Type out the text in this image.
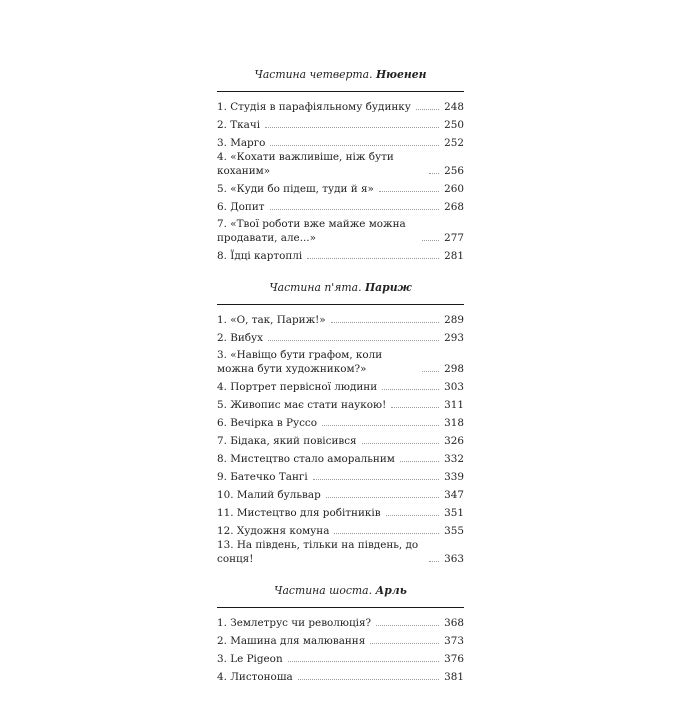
Частина четверта. Нюенен
1. Студія в парафіяльному будинку	248
2. Ткачі	250
3. Марго	252
4. «Кохати важливіше, ніж бути коханим»	256
5. «Куди бо підеш, туди й я»	260
6. Допит	268
7. «Твої роботи вже майже можна продавати, але...»	277
8. Їдці картоплі	281
Частина п'ята. Париж
1. «О, так, Париж!»	289
2. Вибух	293
3. «Навіщо бути графом, коли можна бути художником?»	298
4. Портрет первісної людини	303
5. Живопис має стати наукою!	311
6. Вечірка в Руссо	318
7. Бідака, який повісився	326
8. Мистецтво стало аморальним	332
9. Батечко Тангі	339
10. Малий бульвар	347
11. Мистецтво для робітників	351
12. Художня комуна	355
13. На південь, тільки на південь, до сонця!	363
Частина шоста. Арль
1. Землетрус чи революція?	368
2. Машина для малювання	373
3. Le Pigeon	376
4. Листоноша	381
